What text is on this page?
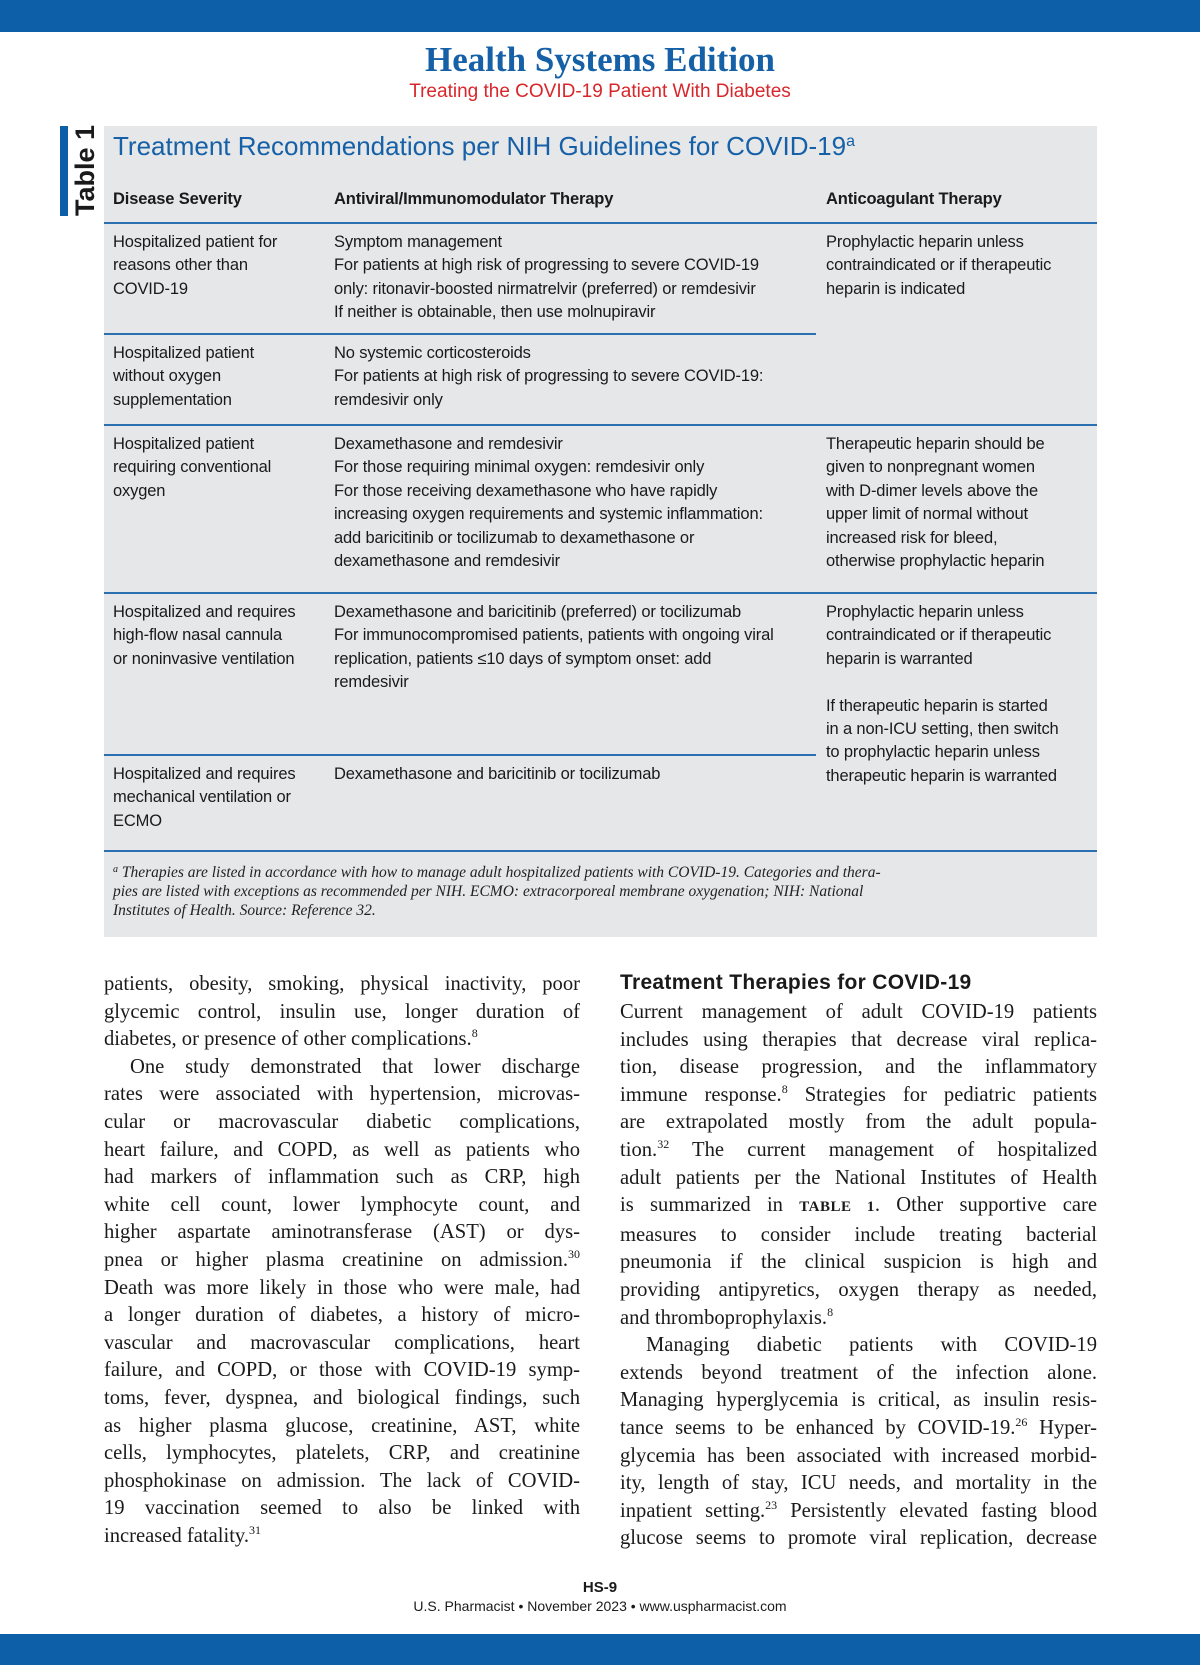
Health Systems Edition
Treating the COVID-19 Patient With Diabetes
Table 1 Treatment Recommendations per NIH Guidelines for COVID-19$^a$
Disease Severity	Antiviral/Immunomodulator Therapy	Anticoagulant Therapy
Hospitalized patient for
reasons other than
COVID-19
Symptom management
For patients at high risk of progressing to severe COVID-19
only: ritonavir-boosted nirmatrelvir (preferred) or remdesivir
If neither is obtainable, then use molnupiravir
Prophylactic heparin unless
contraindicated or if therapeutic
heparin is indicated
Hospitalized patient
without oxygen
supplementation
No systemic corticosteroids
For patients at high risk of progressing to severe COVID-19:
remdesivir only
Hospitalized patient
requiring conventional
oxygen
Dexamethasone and remdesivir
For those requiring minimal oxygen: remdesivir only
For those receiving dexamethasone who have rapidly
increasing oxygen requirements and systemic inflammation:
add baricitinib or tocilizumab to dexamethasone or
dexamethasone and remdesivir
Therapeutic heparin should be
given to nonpregnant women
with D-dimer levels above the
upper limit of normal without
increased risk for bleed,
otherwise prophylactic heparin
Hospitalized and requires
high-flow nasal cannula
or noninvasive ventilation
Dexamethasone and baricitinib (preferred) or tocilizumab
For immunocompromised patients, patients with ongoing viral
replication, patients ≤10 days of symptom onset: add
remdesivir
Prophylactic heparin unless
contraindicated or if therapeutic
heparin is warranted
If therapeutic heparin is started
in a non-ICU setting, then switch
to prophylactic heparin unless
therapeutic heparin is warranted
Hospitalized and requires
mechanical ventilation or
ECMO
Dexamethasone and baricitinib or tocilizumab
$^a$ Therapies are listed in accordance with how to manage adult hospitalized patients with COVID-19. Categories and thera-
pies are listed with exceptions as recommended per NIH. ECMO: extracorporeal membrane oxygenation; NIH: National
Institutes of Health. Source: Reference 32.
patients, obesity, smoking, physical inactivity, poor
glycemic control, insulin use, longer duration of
diabetes, or presence of other complications.$^8$
One study demonstrated that lower discharge
rates were associated with hypertension, microvas-
cular or macrovascular diabetic complications,
heart failure, and COPD, as well as patients who
had markers of inflammation such as CRP, high
white cell count, lower lymphocyte count, and
higher aspartate aminotransferase (AST) or dys-
pnea or higher plasma creatinine on admission.$^{30}$
Death was more likely in those who were male, had
a longer duration of diabetes, a history of micro-
vascular and macrovascular complications, heart
failure, and COPD, or those with COVID-19 symp-
toms, fever, dyspnea, and biological findings, such
as higher plasma glucose, creatinine, AST, white
cells, lymphocytes, platelets, CRP, and creatinine
phosphokinase on admission. The lack of COVID-
19 vaccination seemed to also be linked with
increased fatality.$^{31}$
Treatment Therapies for COVID-19
Current management of adult COVID-19 patients
includes using therapies that decrease viral replica-
tion, disease progression, and the inflammatory
immune response.$^8$ Strategies for pediatric patients
are extrapolated mostly from the adult popula-
tion.$^{32}$ The current management of hospitalized
adult patients per the National Institutes of Health
is summarized in TABLE 1. Other supportive care
measures to consider include treating bacterial
pneumonia if the clinical suspicion is high and
providing antipyretics, oxygen therapy as needed,
and thromboprophylaxis.$^8$
Managing diabetic patients with COVID-19
extends beyond treatment of the infection alone.
Managing hyperglycemia is critical, as insulin resis-
tance seems to be enhanced by COVID-19.26 Hyper-
glycemia has been associated with increased morbid-
ity, length of stay, ICU needs, and mortality in the
inpatient setting.$^{23}$ Persistently elevated fasting blood
glucose seems to promote viral replication, decrease
HS-9
U.S. Pharmacist • November 2023 • www.uspharmacist.com
